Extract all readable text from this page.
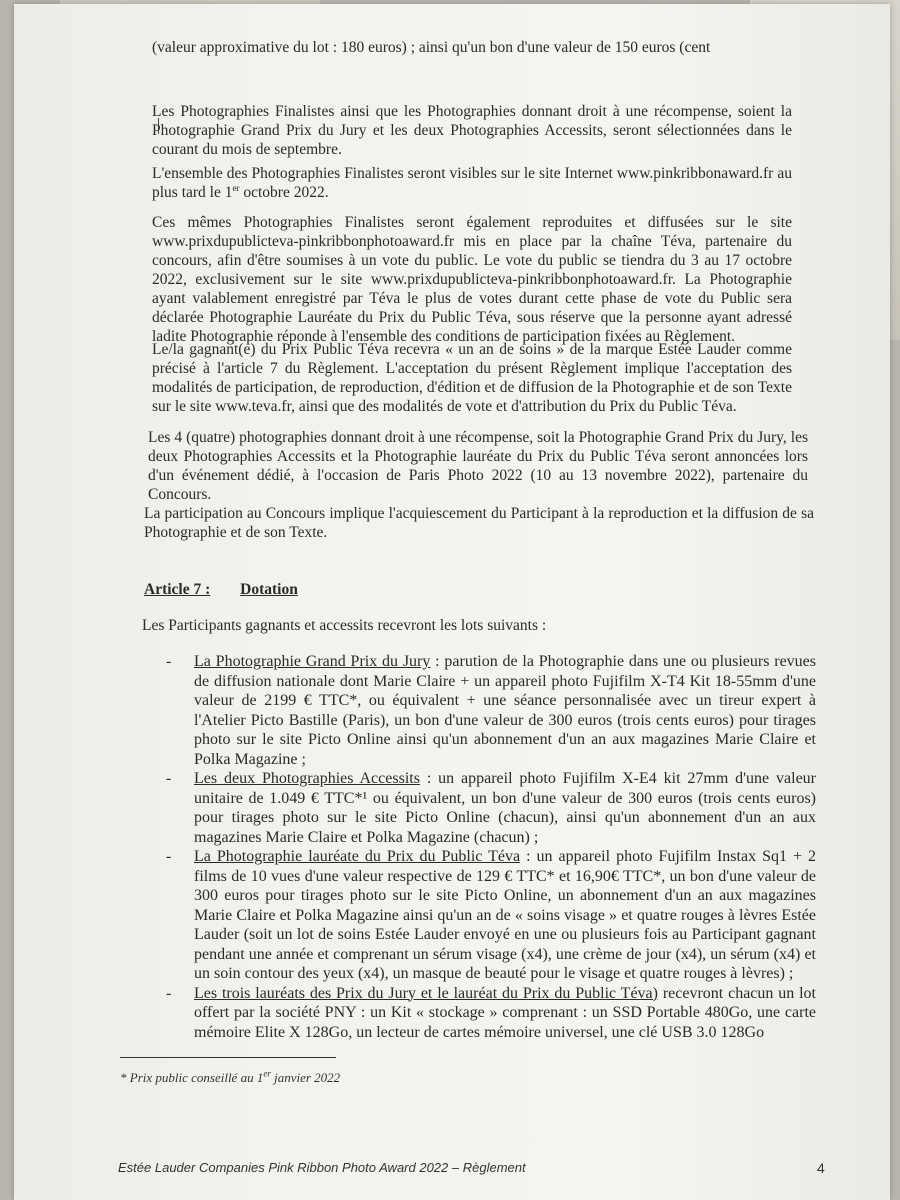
(valeur approximative du lot : 180 euros) ; ainsi qu'un bon d'une valeur de 150 euros (cent

Les Photographies Finalistes ainsi que les Photographies donnant droit à une récompense, soient la Photographie Grand Prix du Jury et les deux Photographies Accessits, seront sélectionnées dans le courant du mois de septembre.

L'ensemble des Photographies Finalistes seront visibles sur le site Internet www.pinkribbonaward.fr au plus tard le 1er octobre 2022.

Ces mêmes Photographies Finalistes seront également reproduites et diffusées sur le site www.prixdupublicteva-pinkribbonphotoaward.fr mis en place par la chaîne Téva, partenaire du concours, afin d'être soumises à un vote du public. Le vote du public se tiendra du 3 au 17 octobre 2022, exclusivement sur le site www.prixdupublicteva-pinkribbonphotoaward.fr. La Photographie ayant valablement enregistré par Téva le plus de votes durant cette phase de vote du Public sera déclarée Photographie Lauréate du Prix du Public Téva, sous réserve que la personne ayant adressé ladite Photographie réponde à l'ensemble des conditions de participation fixées au Règlement.

Le/la gagnant(e) du Prix Public Téva recevra « un an de soins » de la marque Estée Lauder comme précisé à l'article 7 du Règlement. L'acceptation du présent Règlement implique l'acceptation des modalités de participation, de reproduction, d'édition et de diffusion de la Photographie et de son Texte sur le site www.teva.fr, ainsi que des modalités de vote et d'attribution du Prix du Public Téva.

Les 4 (quatre) photographies donnant droit à une récompense, soit la Photographie Grand Prix du Jury, les deux Photographies Accessits et la Photographie lauréate du Prix du Public Téva seront annoncées lors d'un événement dédié, à l'occasion de Paris Photo 2022 (10 au 13 novembre 2022), partenaire du Concours.

La participation au Concours implique l'acquiescement du Participant à la reproduction et la diffusion de sa Photographie et de son Texte.

Article 7 : Dotation

Les Participants gagnants et accessits recevront les lots suivants :

- La Photographie Grand Prix du Jury : parution de la Photographie dans une ou plusieurs revues de diffusion nationale dont Marie Claire + un appareil photo Fujifilm X-T4 Kit 18-55mm d'une valeur de 2199 € TTC*, ou équivalent + une séance personnalisée avec un tireur expert à l'Atelier Picto Bastille (Paris), un bon d'une valeur de 300 euros (trois cents euros) pour tirages photo sur le site Picto Online ainsi qu'un abonnement d'un an aux magazines Marie Claire et Polka Magazine ;
- Les deux Photographies Accessits : un appareil photo Fujifilm X-E4 kit 27mm d'une valeur unitaire de 1.049 € TTC*¹ ou équivalent, un bon d'une valeur de 300 euros (trois cents euros) pour tirages photo sur le site Picto Online (chacun), ainsi qu'un abonnement d'un an aux magazines Marie Claire et Polka Magazine (chacun) ;
- La Photographie lauréate du Prix du Public Téva : un appareil photo Fujifilm Instax Sq1 + 2 films de 10 vues d'une valeur respective de 129 € TTC* et 16,90€ TTC*, un bon d'une valeur de 300 euros pour tirages photo sur le site Picto Online, un abonnement d'un an aux magazines Marie Claire et Polka Magazine ainsi qu'un an de « soins visage » et quatre rouges à lèvres Estée Lauder (soit un lot de soins Estée Lauder envoyé en une ou plusieurs fois au Participant gagnant pendant une année et comprenant un sérum visage (x4), une crème de jour (x4), un sérum (x4) et un soin contour des yeux (x4), un masque de beauté pour le visage et quatre rouges à lèvres) ;
- Les trois lauréats des Prix du Jury et le lauréat du Prix du Public Téva) recevront chacun un lot offert par la société PNY : un Kit « stockage » comprenant : un SSD Portable 480Go, une carte mémoire Elite X 128Go, un lecteur de cartes mémoire universel, une clé USB 3.0 128Go
* Prix public conseillé au 1er janvier 2022
Estée Lauder Companies Pink Ribbon Photo Award 2022 – Règlement	4
